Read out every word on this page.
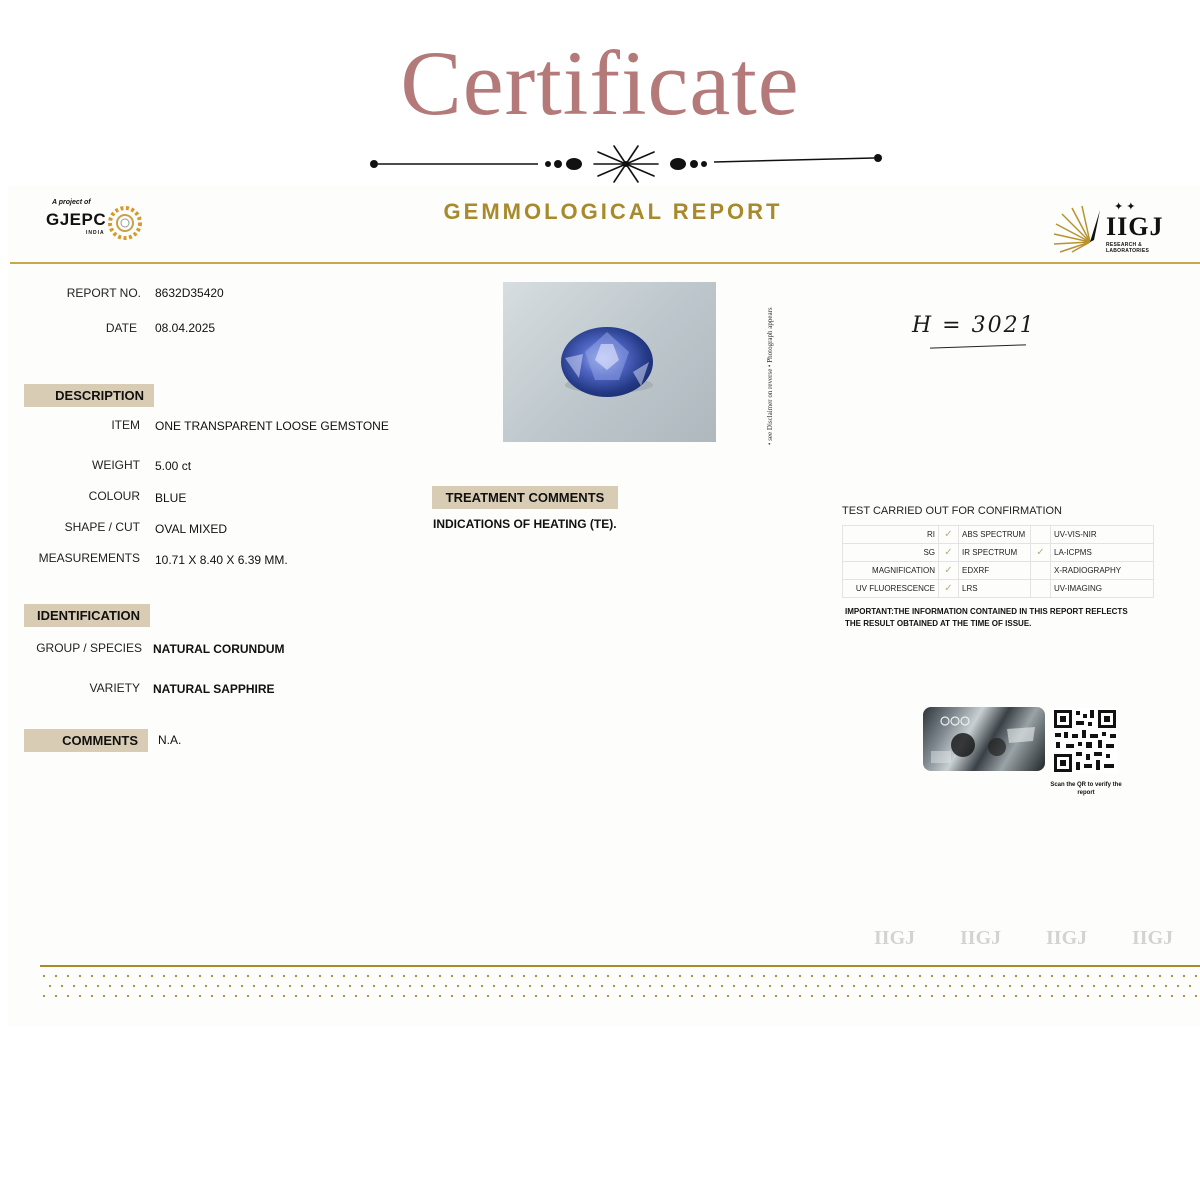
Certificate
A project of
GJEPC
INDIA
GEMMOLOGICAL REPORT	✦✦
IIGJ
RESEARCH & LABORATORIES
REPORT NO. 8632D35420
DATE 08.04.2025
DESCRIPTION
ITEM ONE TRANSPARENT LOOSE GEMSTONE
WEIGHT 5.00 ct
COLOUR BLUE
SHAPE / CUT OVAL MIXED
MEASUREMENTS 10.71 X 8.40 X 6.39 MM.
IDENTIFICATION
GROUP / SPECIES NATURAL CORUNDUM
VARIETY NATURAL SAPPHIRE
COMMENTS	N.A.
• see Disclaimer on reverse • Photograph appears	H = 3021
TREATMENT COMMENTS
INDICATIONS OF HEATING (TE).
TEST CARRIED OUT FOR CONFIRMATION
RI	✓	ABS SPECTRUM		UV-VIS-NIR
SG	✓	IR SPECTRUM	✓	LA-ICPMS
MAGNIFICATION	✓	EDXRF		X-RADIOGRAPHY
UV FLUORESCENCE	✓	LRS		UV-IMAGING
IMPORTANT:THE INFORMATION CONTAINED IN THIS REPORT REFLECTS THE RESULT OBTAINED AT THE TIME OF ISSUE.
Scan the QR to verify the report
IIGJ IIGJ IIGJ IIGJ
